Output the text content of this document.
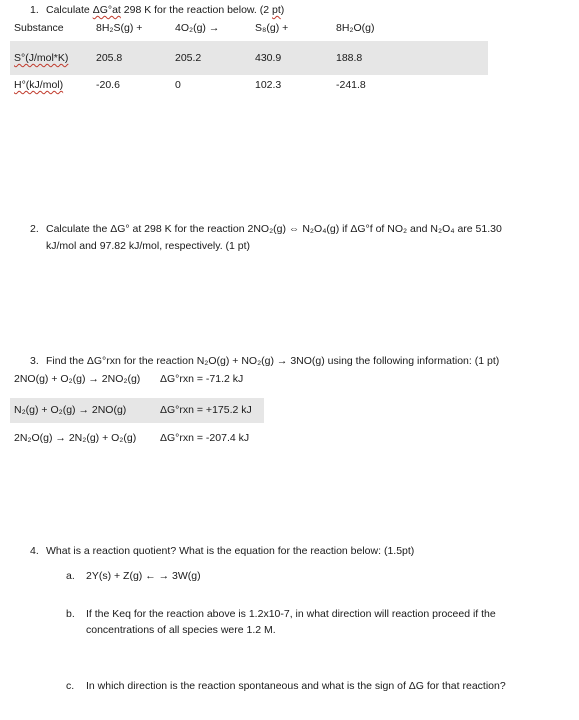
1. Calculate ΔG°at 298 K for the reaction below. (2 pt)
Substance	8H₂S(g) +	4O₂(g) →	S₈(g) +	8H₂O(g)
S°(J/mol*K)	205.8	205.2	430.9	188.8
H°(kJ/mol)	-20.6	0	102.3	-241.8
2. Calculate the ΔG° at 298 K for the reaction 2NO₂(g) ⇔ N₂O₄(g) if ΔG°f of NO₂ and N₂O₄ are 51.30
kJ/mol and 97.82 kJ/mol, respectively. (1 pt)
3. Find the ΔG°rxn for the reaction N₂O(g) + NO₂(g) → 3NO(g) using the following information: (1 pt)
2NO(g) + O₂(g) → 2NO₂(g) ΔG°rxn = -71.2 kJ
N₂(g) + O₂(g) → 2NO(g)	ΔG°rxn = +175.2 kJ
2N₂O(g) → 2N₂(g) + O₂(g) ΔG°rxn = -207.4 kJ
4. What is a reaction quotient? What is the equation for the reaction below: (1.5pt)
a. 2Y(s) + Z(g) ← → 3W(g)
b. If the Keq for the reaction above is 1.2x10-7, in what direction will reaction proceed if the
concentrations of all species were 1.2 M.
c. In which direction is the reaction spontaneous and what is the sign of ΔG for that reaction?
